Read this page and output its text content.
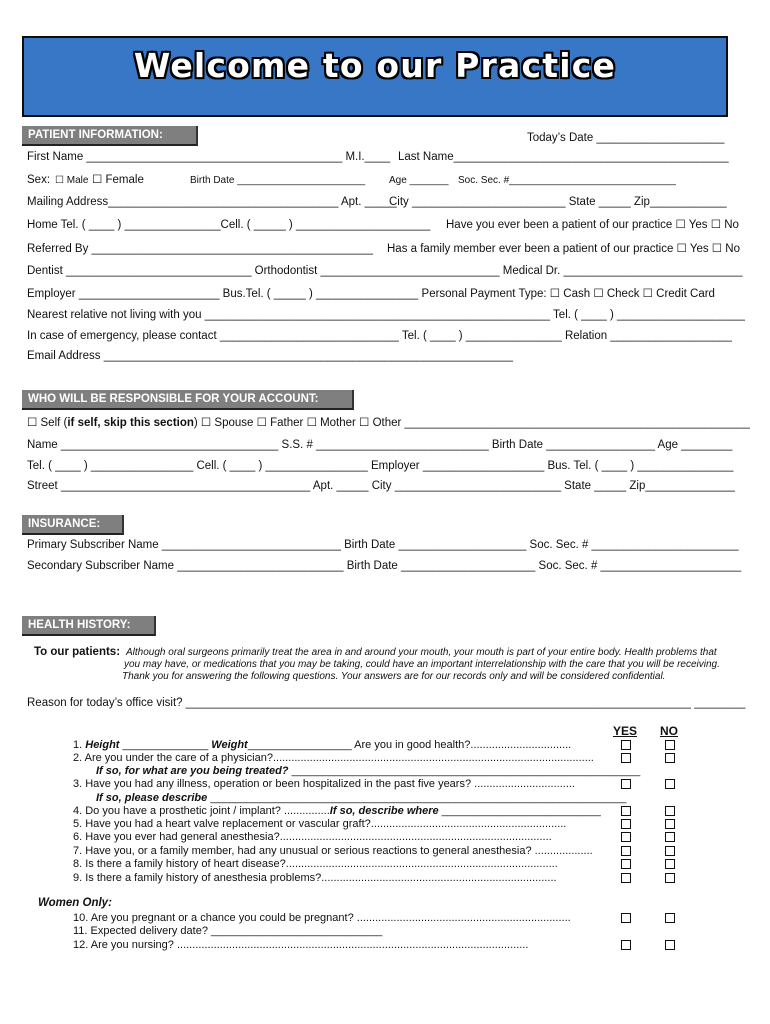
Welcome to our Practice
PATIENT INFORMATION:	Today’s Date ____________________
First Name ________________________________________ M.I.____ Last Name___________________________________________
Sex: ☐ Male ☐ Female	Birth Date _______________________ Age _______ Soc. Sec. #______________________________
Mailing Address____________________________________ Apt. _____
City ________________________ State _____ Zip____________
Home Tel. ( ____ ) _______________Cell. ( _____ ) _____________________ Have you ever been a patient of our practice ☐ Yes ☐ No
Referred By ____________________________________________ Has a family member ever been a patient of our practice ☐ Yes ☐ No
Dentist _____________________________ Orthodontist ____________________________ Medical Dr. ____________________________
Employer ______________________ Bus.Tel. ( _____ ) ________________ Personal Payment Type: ☐ Cash ☐ Check ☐ Credit Card
Nearest relative not living with you ______________________________________________________ Tel. ( ____ ) ____________________
In case of emergency, please contact ____________________________ Tel. ( ____ ) _______________ Relation ___________________
Email Address ________________________________________________________________
WHO WILL BE RESPONSIBLE FOR YOUR ACCOUNT:
☐ Self (if self, skip this section) ☐ Spouse ☐ Father ☐ Mother ☐ Other ______________________________________________________
Name __________________________________ S.S. # ___________________________ Birth Date _________________ Age ________
Tel. ( ____ ) ________________ Cell. ( ____ ) ________________ Employer ___________________ Bus. Tel. ( ____ ) _______________
Street _______________________________________ Apt. _____ City __________________________ State _____ Zip______________
INSURANCE:
Primary Subscriber Name ____________________________ Birth Date ____________________ Soc. Sec. # _______________________
Secondary Subscriber Name __________________________ Birth Date _____________________ Soc. Sec. # ______________________
HEALTH HISTORY:
To our patients: Although oral surgeons primarily treat the area in and around your mouth, your mouth is part of your entire body. Health problems that
you may have, or medications that you may be taking, could have an important interrelationship with the care that you will be receiving.
Thank you for answering the following questions. Your answers are for our records only and will be considered confidential.
Reason for today’s office visit? _______________________________________________________________________________ ________
YES NO
1. Height ______________ Weight_________________ Are you in good health?.................................
2. Are you under the care of a physician?.........................................................................................................
If so, for what are you being treated? _________________________________________________________
3. Have you had any illness, operation or been hospitalized in the past five years? .................................
If so, please describe ____________________________________________________________________
4. Do you have a prosthetic joint / implant? ...............If so, describe where __________________________
5. Have you had a heart valve replacement or vascular graft?................................................................
6. Have you ever had general anesthesia?.........................................................................................
7. Have you, or a family member, had any unusual or serious reactions to general anesthesia? ...................
8. Is there a family history of heart disease?.........................................................................................
9. Is there a family history of anesthesia problems?.............................................................................
Women Only:
10. Are you pregnant or a chance you could be pregnant? ......................................................................
11. Expected delivery date? ____________________________
12. Are you nursing? ...................................................................................................................
